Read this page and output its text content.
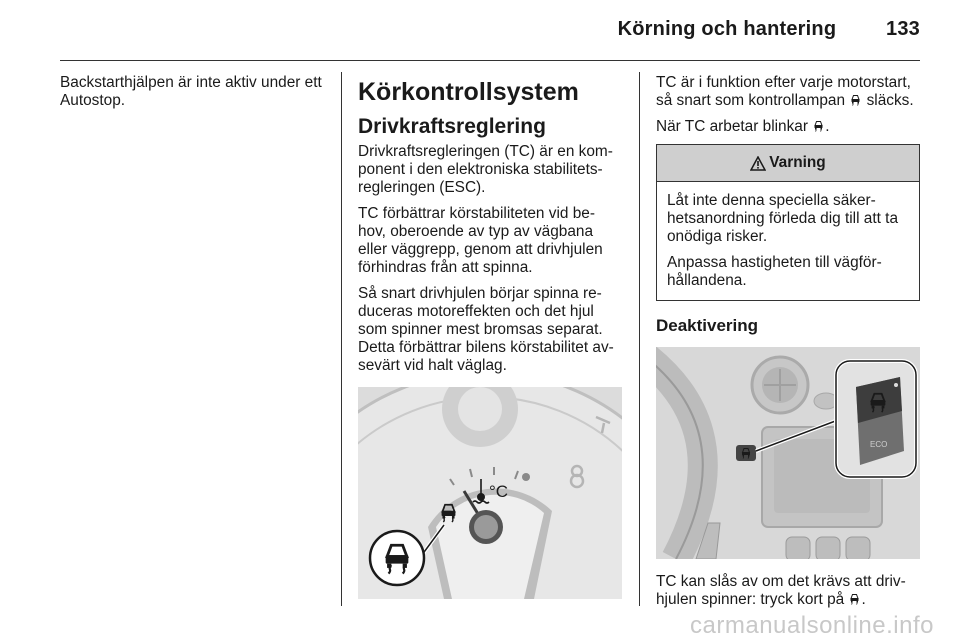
Körning och hantering 133

Backstarthjälpen är inte aktiv under ett Autostop.	Körkontrollsystem
Drivkraftsreglering

Drivkraftsregleringen (TC) är en kom-ponent i den elektroniska stabilitets-regleringen (ESC).

TC förbättrar körstabiliteten vid be-hov, oberoende av typ av vägbana eller väggrepp, genom att drivhjulen förhindras från att spinna.

Så snart drivhjulen börjar spinna re-duceras motoreffekten och det hjul som spinner mest bromsas separat. Detta förbättrar bilens körstabilitet av-sevärt vid halt väglag.

°C

TC är i funktion efter varje motorstart, så snart som kontrollampan släcks.

När TC arbetar blinkar .

Varning

Låt inte denna speciella säker-hetsanordning förleda dig till att ta onödiga risker.

Anpassa hastigheten till vägför-hållandena.

Deaktivering
ECO

TC kan slås av om det krävs att driv-hjulen spinner: tryck kort på .

carmanualsonline.info
